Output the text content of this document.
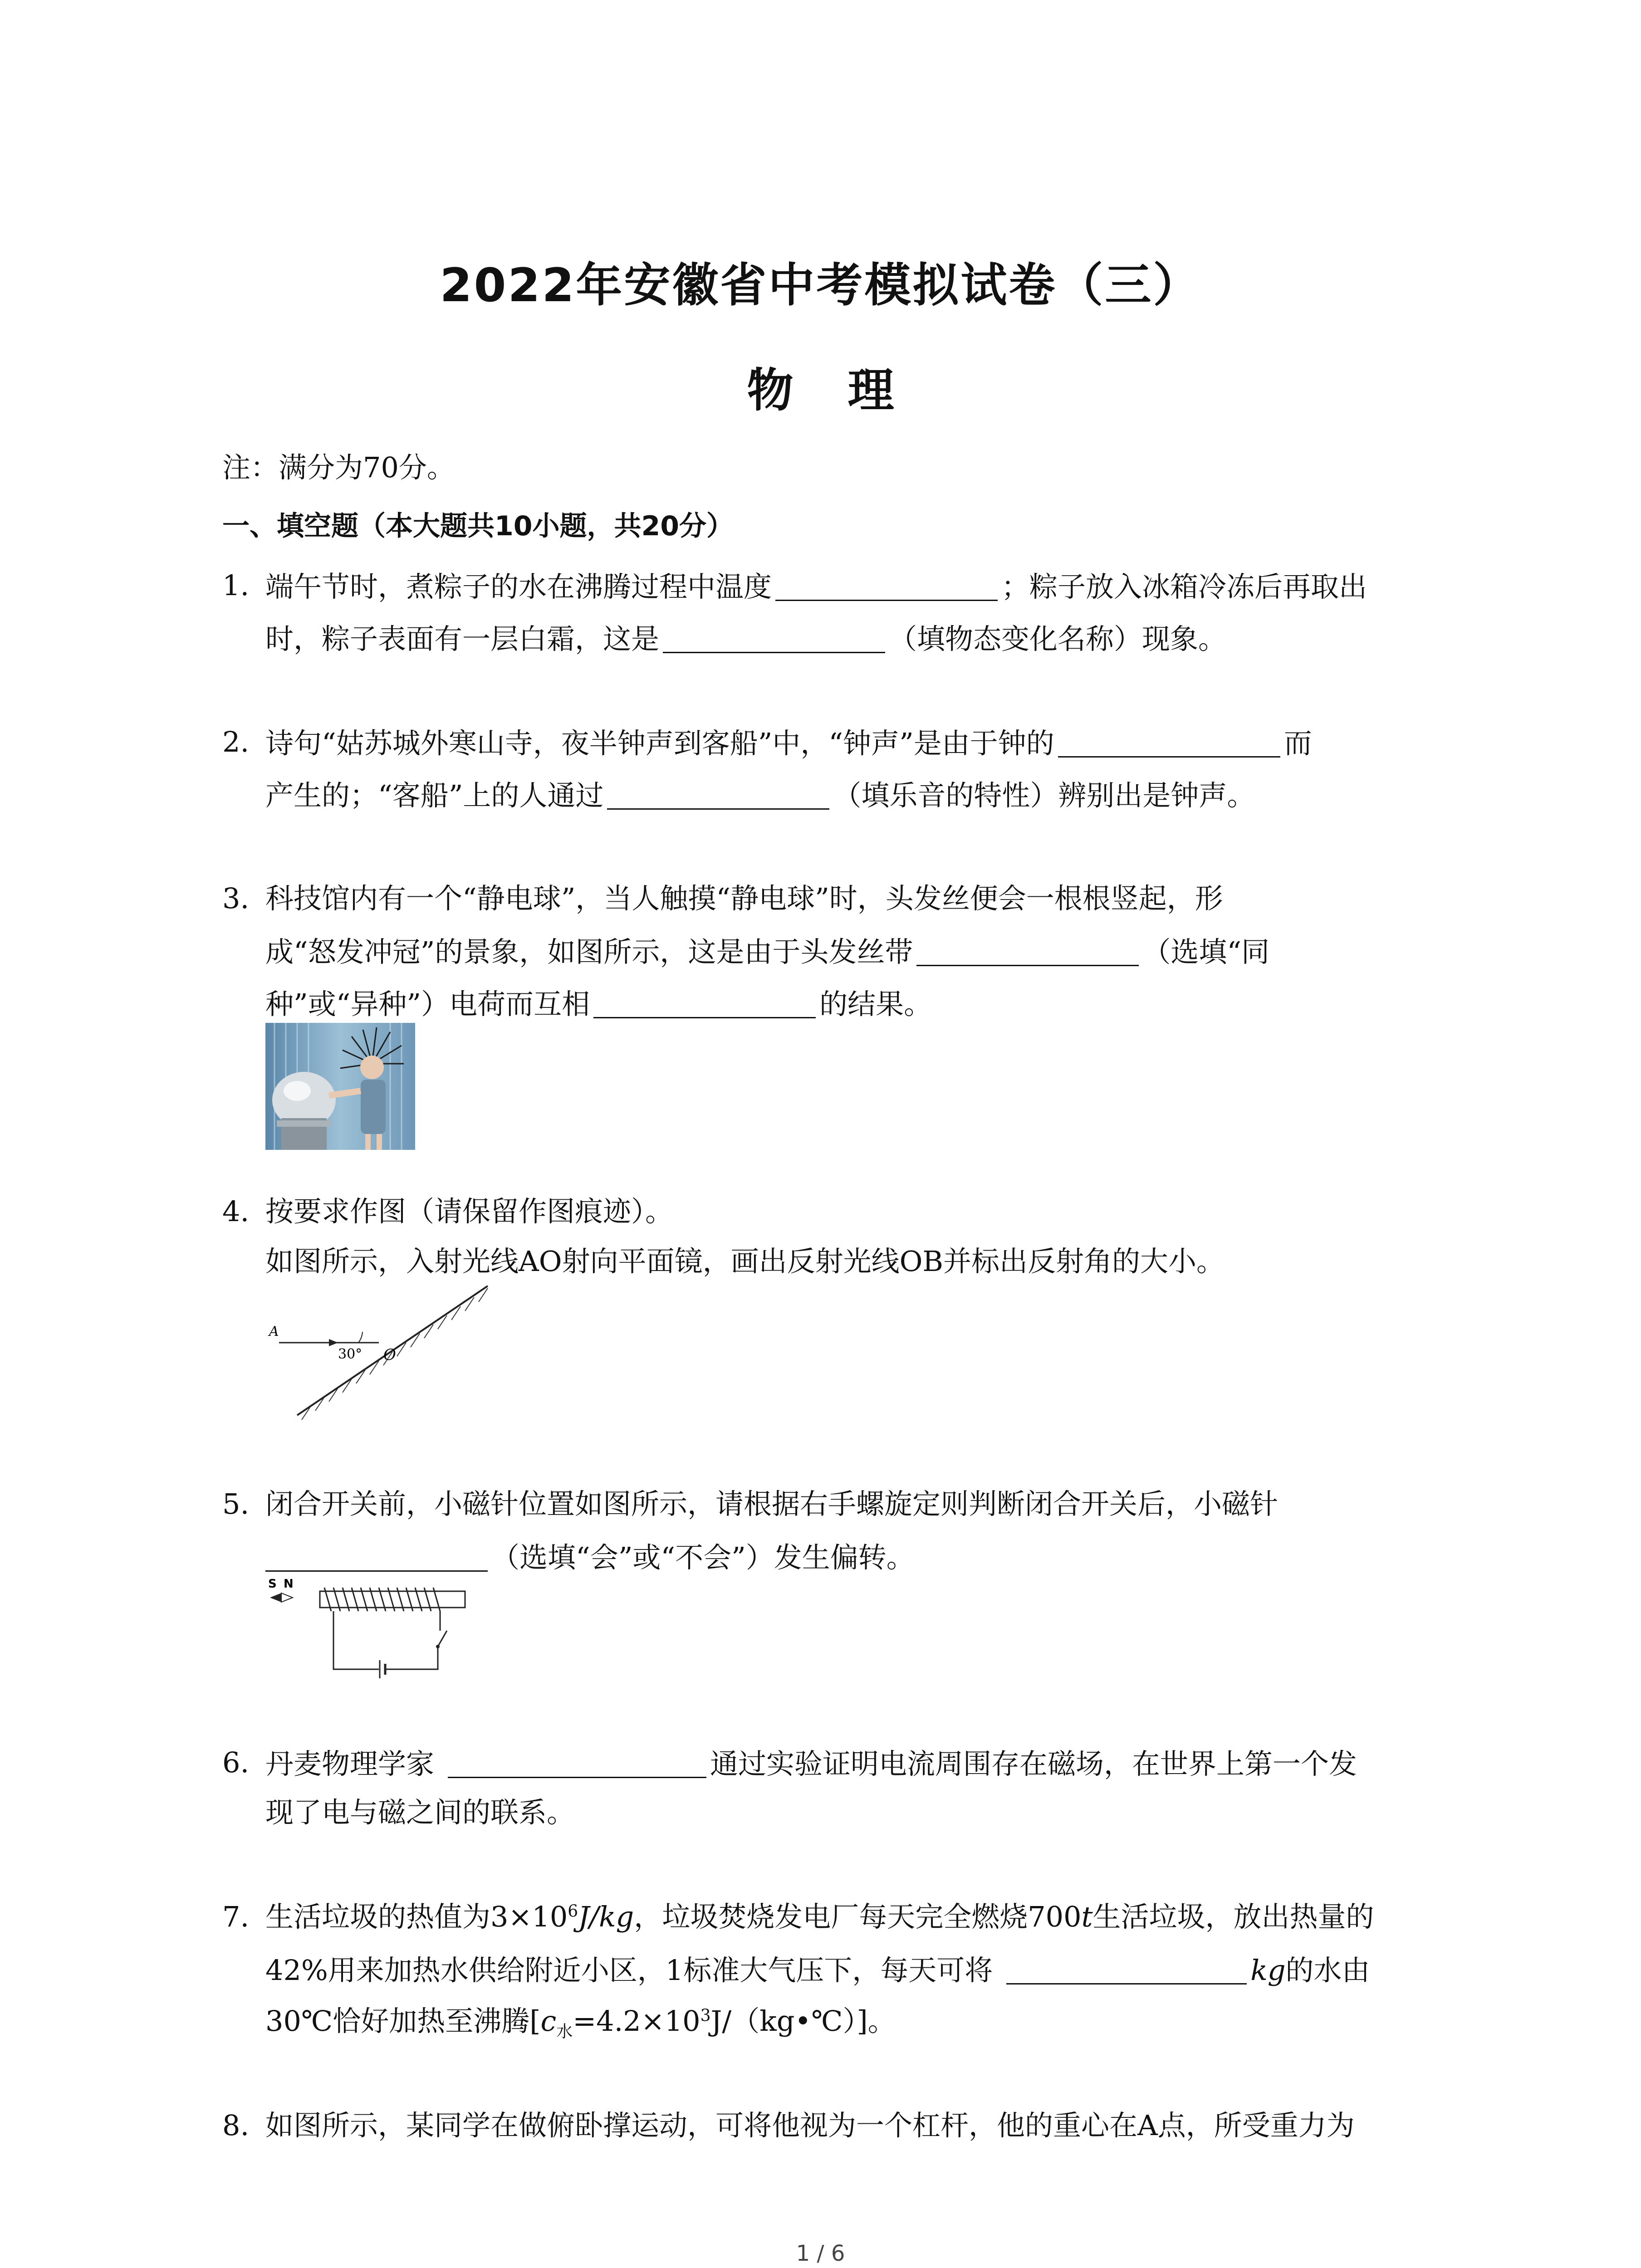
2022年安徽省中考模拟试卷（三）
物理
注：满分为70分。
一、填空题（本大题共10小题，共20分）
1. 端午节时，煮粽子的水在沸腾过程中温度	；粽子放入冰箱冷冻后再取出
时，粽子表面有一层白霜，这是	（填物态变化名称）现象。
2. 诗句“姑苏城外寒山寺，夜半钟声到客船”中，“钟声”是由于钟的	而
产生的；“客船”上的人通过	（填乐音的特性）辨别出是钟声。
3. 科技馆内有一个“静电球”，当人触摸“静电球”时，头发丝便会一根根竖起，形
成“怒发冲冠”的景象，如图所示，这是由于头发丝带	（选填“同
种”或“异种”）电荷而互相	的结果。
4. 按要求作图（请保留作图痕迹）。
如图所示，入射光线AO射向平面镜，画出反射光线OB并标出反射角的大小。
A
30° O
5. 闭合开关前，小磁针位置如图所示，请根据右手螺旋定则判断闭合开关后，小磁针
（选填“会”或“不会”）发生偏转。
S N
6. 丹麦物理学家	通过实验证明电流周围存在磁场，在世界上第一个发
现了电与磁之间的联系。
7. 生活垃圾的热值为$3\times 10^6J/kg$，垃圾焚烧发电厂每天完全燃烧700t生活垃圾，放出热量的
42%用来加热水供给附近小区，1标准大气压下，每天可将	kg的水由
30℃恰好加热至沸腾$[c_水=4.2\times 10^3J/(kg•℃)]$。
8. 如图所示，某同学在做俯卧撑运动，可将他视为一个杠杆，他的重心在A点，所受重力为
1 / 6
